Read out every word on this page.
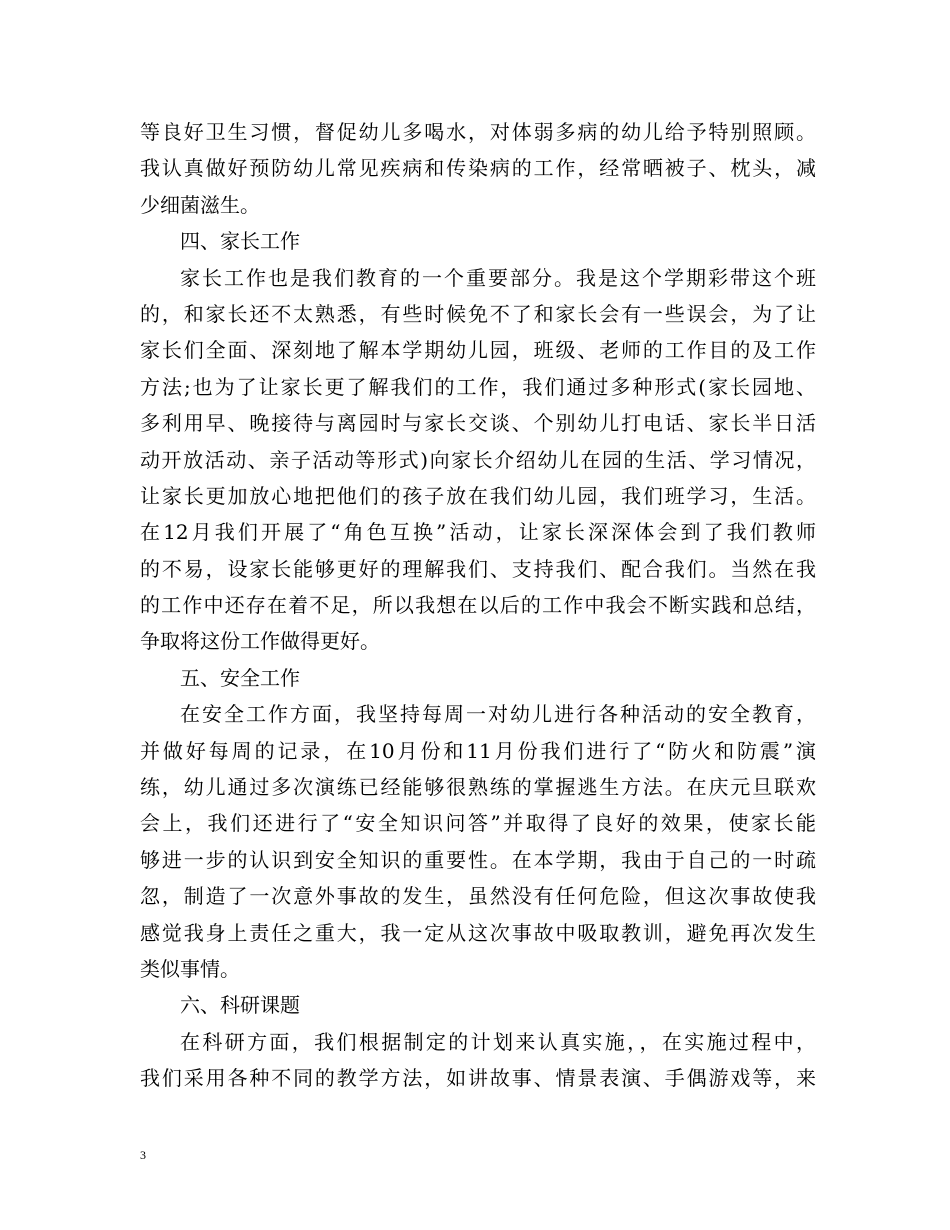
等良好卫生习惯，督促幼儿多喝水，对体弱多病的幼儿给予特别照顾。
我认真做好预防幼儿常见疾病和传染病的工作，经常晒被子、枕头，减
少细菌滋生。
四、家长工作
家长工作也是我们教育的一个重要部分。我是这个学期彩带这个班
的，和家长还不太熟悉，有些时候免不了和家长会有一些误会，为了让
家长们全面、深刻地了解本学期幼儿园，班级、老师的工作目的及工作
方法;也为了让家长更了解我们的工作，我们通过多种形式(家长园地、
多利用早、晚接待与离园时与家长交谈、个别幼儿打电话、家长半日活
动开放活动、亲子活动等形式)向家长介绍幼儿在园的生活、学习情况，
让家长更加放心地把他们的孩子放在我们幼儿园，我们班学习，生活。
在12月我们开展了“角色互换”活动，让家长深深体会到了我们教师
的不易，设家长能够更好的理解我们、支持我们、配合我们。当然在我
的工作中还存在着不足，所以我想在以后的工作中我会不断实践和总结，
争取将这份工作做得更好。
五、安全工作
在安全工作方面，我坚持每周一对幼儿进行各种活动的安全教育，
并做好每周的记录，在10月份和11月份我们进行了“防火和防震”演
练，幼儿通过多次演练已经能够很熟练的掌握逃生方法。在庆元旦联欢
会上，我们还进行了“安全知识问答”并取得了良好的效果，使家长能
够进一步的认识到安全知识的重要性。在本学期，我由于自己的一时疏
忽，制造了一次意外事故的发生，虽然没有任何危险，但这次事故使我
感觉我身上责任之重大，我一定从这次事故中吸取教训，避免再次发生
类似事情。
六、科研课题
在科研方面，我们根据制定的计划来认真实施，，在实施过程中，
我们采用各种不同的教学方法，如讲故事、情景表演、手偶游戏等，来
3
